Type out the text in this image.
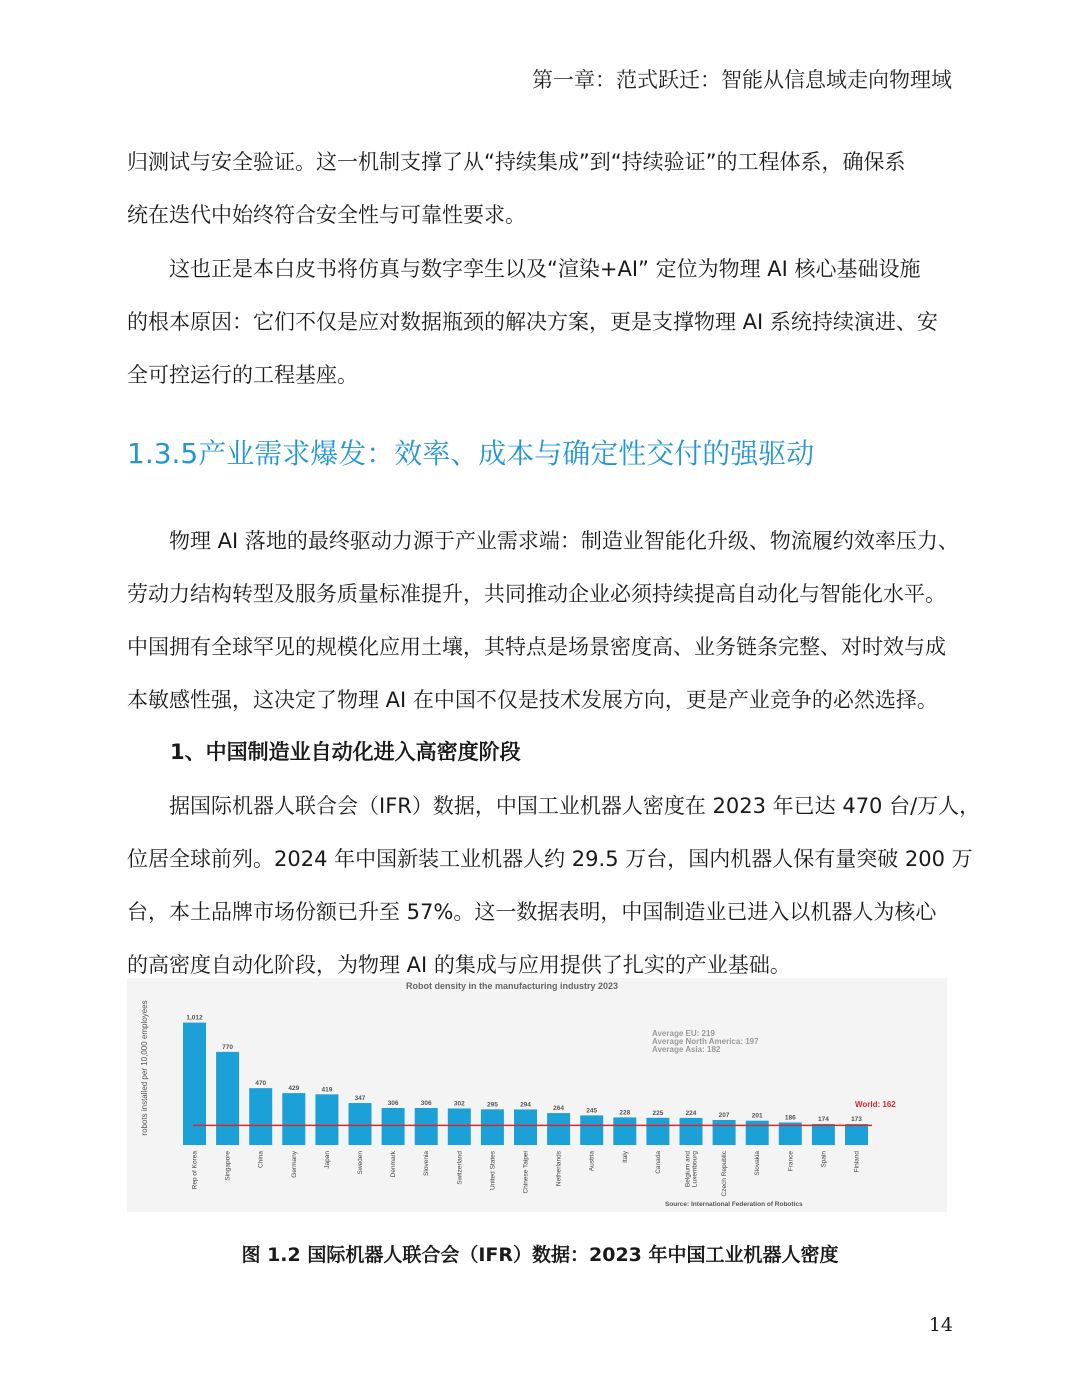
第一章：范式跃迁：智能从信息域走向物理域
归测试与安全验证。这一机制支撑了从“持续集成”到“持续验证”的工程体系，确保系
统在迭代中始终符合安全性与可靠性要求。
　　这也正是本白皮书将仿真与数字孪生以及“渲染+AI” 定位为物理 AI 核心基础设施
的根本原因：它们不仅是应对数据瓶颈的解决方案，更是支撑物理 AI 系统持续演进、安
全可控运行的工程基座。
1.3.5产业需求爆发：效率、成本与确定性交付的强驱动
　　物理 AI 落地的最终驱动力源于产业需求端：制造业智能化升级、物流履约效率压力、
劳动力结构转型及服务质量标准提升，共同推动企业必须持续提高自动化与智能化水平。
中国拥有全球罕见的规模化应用土壤，其特点是场景密度高、业务链条完整、对时效与成
本敏感性强，这决定了物理 AI 在中国不仅是技术发展方向，更是产业竞争的必然选择。
1、中国制造业自动化进入高密度阶段
　　据国际机器人联合会（IFR）数据，中国工业机器人密度在 2023 年已达 470 台/万人，
位居全球前列。2024 年中国新装工业机器人约 29.5 万台，国内机器人保有量突破 200 万
台，本土品牌市场份额已升至 57%。这一数据表明，中国制造业已进入以机器人为核心
的高密度自动化阶段，为物理 AI 的集成与应用提供了扎实的产业基础。
Robot density in the manufacturing industry 2023
robots installed per 10,000 employees	Average EU: 219
Average North America: 197
Average Asia: 182
1,012
Rep of Korea
770
Singapore
470
China
429
Germany
419
Japan
347
Sweden
306
Denmark
306
Slovenia
302
Switzerland
295
United States
294
Chinese Taipei
264
Netherlands
245
Austria
228
Italy
225
Canada
224
Belgium and Luxembourg
207
Czech Republic
201
Slovakia
186
France
174
Spain
173
Finland
World: 162
Source: International Federation of Robotics
图 1.2 国际机器人联合会（IFR）数据：2023 年中国工业机器人密度
14
